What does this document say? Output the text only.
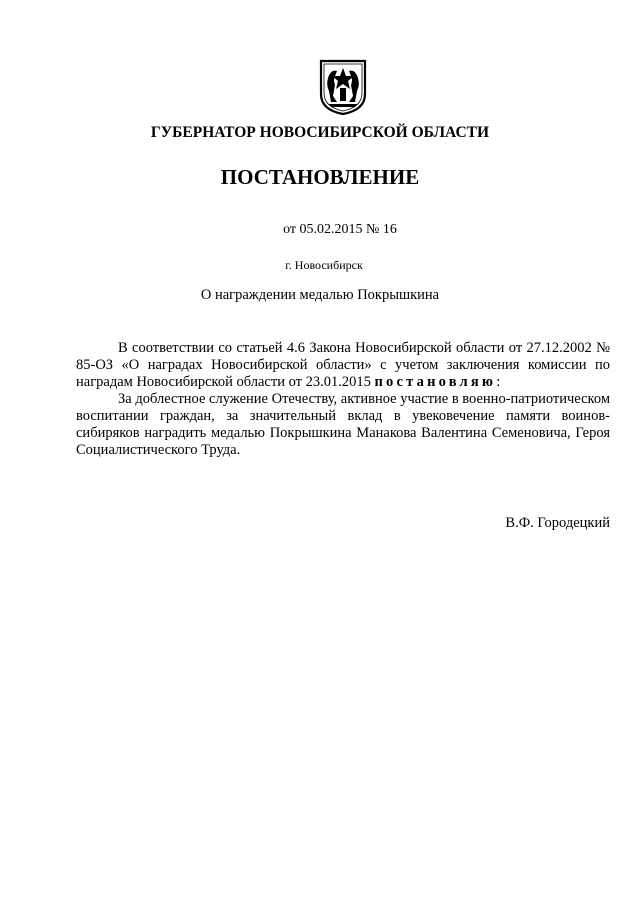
ГУБЕРНАТОР НОВОСИБИРСКОЙ ОБЛАСТИ
ПОСТАНОВЛЕНИЕ
от 05.02.2015 № 16
г. Новосибирск
О награждении медалью Покрышкина

В соответствии со статьей 4.6 Закона Новосибирской области от 27.12.2002 № 85-ОЗ «О наградах Новосибирской области» с учетом заключения комиссии по наградам Новосибирской области от 23.01.2015 постановляю:

За доблестное служение Отечеству, активное участие в военно-патриотическом воспитании граждан, за значительный вклад в увековечение памяти воинов-сибиряков наградить медалью Покрышкина Манакова Валентина Семеновича, Героя Социалистического Труда.

В.Ф. Городецкий
